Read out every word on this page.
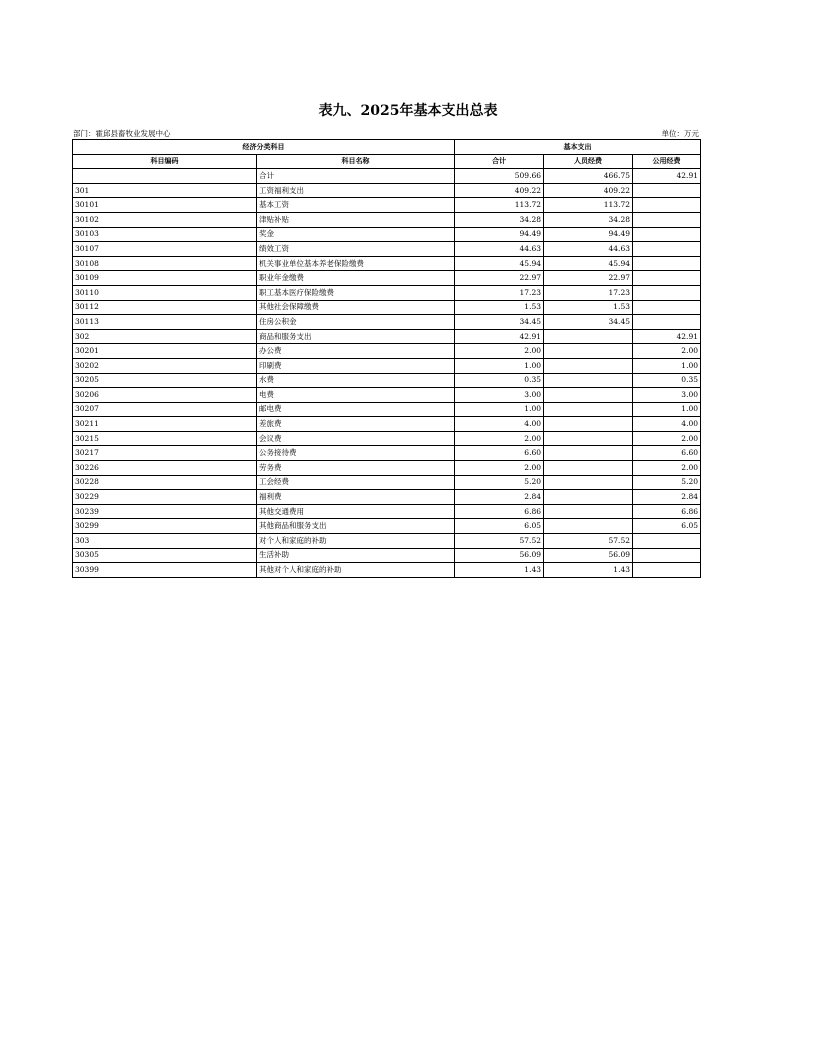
表九、2025年基本支出总表
部门：霍邱县畜牧业发展中心	单位：万元
经济分类科目		基本支出		
科目编码	科目名称	合计	人员经费	公用经费
	合计	509.66	466.75	42.91
301	工资福利支出	409.22	409.22	
30101	基本工资	113.72	113.72	
30102	津贴补贴	34.28	34.28	
30103	奖金	94.49	94.49	
30107	绩效工资	44.63	44.63	
30108	机关事业单位基本养老保险缴费	45.94	45.94	
30109	职业年金缴费	22.97	22.97	
30110	职工基本医疗保险缴费	17.23	17.23	
30112	其他社会保障缴费	1.53	1.53	
30113	住房公积金	34.45	34.45	
302	商品和服务支出	42.91		42.91
30201	办公费	2.00		2.00
30202	印刷费	1.00		1.00
30205	水费	0.35		0.35
30206	电费	3.00		3.00
30207	邮电费	1.00		1.00
30211	差旅费	4.00		4.00
30215	会议费	2.00		2.00
30217	公务接待费	6.60		6.60
30226	劳务费	2.00		2.00
30228	工会经费	5.20		5.20
30229	福利费	2.84		2.84
30239	其他交通费用	6.86		6.86
30299	其他商品和服务支出	6.05		6.05
303	对个人和家庭的补助	57.52	57.52	
30305	生活补助	56.09	56.09	
30399	其他对个人和家庭的补助	1.43	1.43	
